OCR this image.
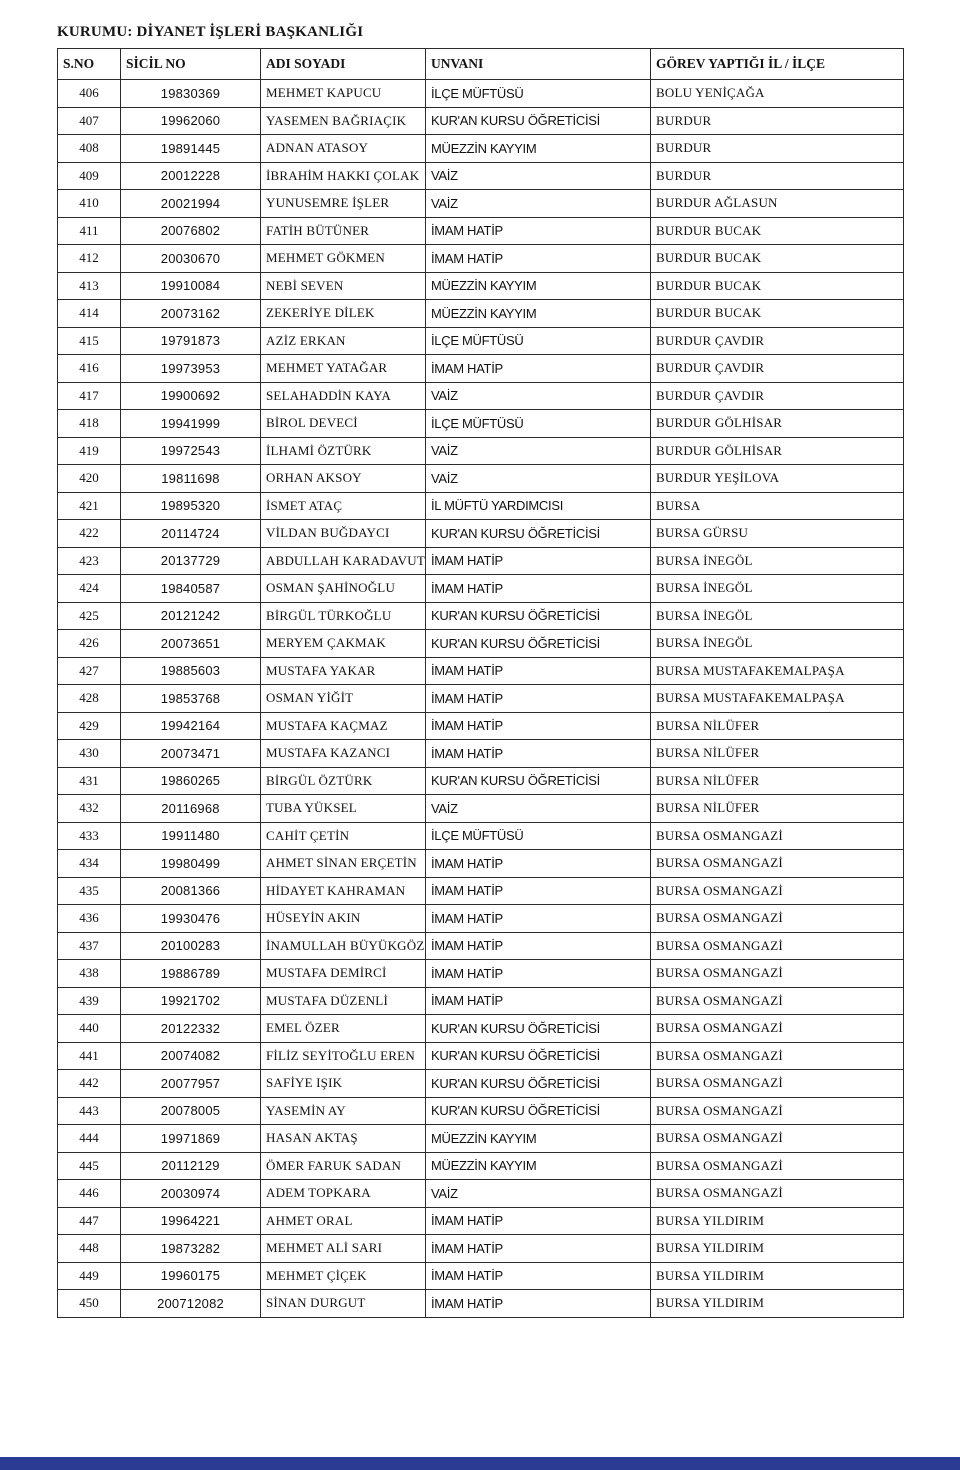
KURUMU: DİYANET İŞLERİ BAŞKANLIĞI
S.NO	SİCİL NO	ADI SOYADI	UNVANI	GÖREV YAPTIĞI İL / İLÇE
406	19830369	MEHMET KAPUCU	İLÇE MÜFTÜSÜ	BOLU YENİÇAĞA
407	19962060	YASEMEN BAĞRIAÇIK	KUR'AN KURSU ÖĞRETİCİSİ	BURDUR
408	19891445	ADNAN ATASOY	MÜEZZİN KAYYIM	BURDUR
409	20012228	İBRAHİM HAKKI ÇOLAK	VAİZ	BURDUR
410	20021994	YUNUSEMRE İŞLER	VAİZ	BURDUR AĞLASUN
411	20076802	FATİH BÜTÜNER	İMAM HATİP	BURDUR BUCAK
412	20030670	MEHMET GÖKMEN	İMAM HATİP	BURDUR BUCAK
413	19910084	NEBİ SEVEN	MÜEZZİN KAYYIM	BURDUR BUCAK
414	20073162	ZEKERİYE DİLEK	MÜEZZİN KAYYIM	BURDUR BUCAK
415	19791873	AZİZ ERKAN	İLÇE MÜFTÜSÜ	BURDUR ÇAVDIR
416	19973953	MEHMET YATAĞAR	İMAM HATİP	BURDUR ÇAVDIR
417	19900692	SELAHADDİN KAYA	VAİZ	BURDUR ÇAVDIR
418	19941999	BİROL DEVECİ	İLÇE MÜFTÜSÜ	BURDUR GÖLHİSAR
419	19972543	İLHAMİ ÖZTÜRK	VAİZ	BURDUR GÖLHİSAR
420	19811698	ORHAN AKSOY	VAİZ	BURDUR YEŞİLOVA
421	19895320	İSMET ATAÇ	İL MÜFTÜ YARDIMCISI	BURSA
422	20114724	VİLDAN BUĞDAYCI	KUR'AN KURSU ÖĞRETİCİSİ	BURSA GÜRSU
423	20137729	ABDULLAH KARADAVUT	İMAM HATİP	BURSA İNEGÖL
424	19840587	OSMAN ŞAHİNOĞLU	İMAM HATİP	BURSA İNEGÖL
425	20121242	BİRGÜL TÜRKOĞLU	KUR'AN KURSU ÖĞRETİCİSİ	BURSA İNEGÖL
426	20073651	MERYEM ÇAKMAK	KUR'AN KURSU ÖĞRETİCİSİ	BURSA İNEGÖL
427	19885603	MUSTAFA YAKAR	İMAM HATİP	BURSA MUSTAFAKEMALPAŞA
428	19853768	OSMAN YİĞİT	İMAM HATİP	BURSA MUSTAFAKEMALPAŞA
429	19942164	MUSTAFA KAÇMAZ	İMAM HATİP	BURSA NİLÜFER
430	20073471	MUSTAFA KAZANCI	İMAM HATİP	BURSA NİLÜFER
431	19860265	BİRGÜL ÖZTÜRK	KUR'AN KURSU ÖĞRETİCİSİ	BURSA NİLÜFER
432	20116968	TUBA YÜKSEL	VAİZ	BURSA NİLÜFER
433	19911480	CAHİT ÇETİN	İLÇE MÜFTÜSÜ	BURSA OSMANGAZİ
434	19980499	AHMET SİNAN ERÇETİN	İMAM HATİP	BURSA OSMANGAZİ
435	20081366	HİDAYET KAHRAMAN	İMAM HATİP	BURSA OSMANGAZİ
436	19930476	HÜSEYİN AKIN	İMAM HATİP	BURSA OSMANGAZİ
437	20100283	İNAMULLAH BÜYÜKGÖZ	İMAM HATİP	BURSA OSMANGAZİ
438	19886789	MUSTAFA DEMİRCİ	İMAM HATİP	BURSA OSMANGAZİ
439	19921702	MUSTAFA DÜZENLİ	İMAM HATİP	BURSA OSMANGAZİ
440	20122332	EMEL ÖZER	KUR'AN KURSU ÖĞRETİCİSİ	BURSA OSMANGAZİ
441	20074082	FİLİZ SEYİTOĞLU EREN	KUR'AN KURSU ÖĞRETİCİSİ	BURSA OSMANGAZİ
442	20077957	SAFİYE IŞIK	KUR'AN KURSU ÖĞRETİCİSİ	BURSA OSMANGAZİ
443	20078005	YASEMİN AY	KUR'AN KURSU ÖĞRETİCİSİ	BURSA OSMANGAZİ
444	19971869	HASAN AKTAŞ	MÜEZZİN KAYYIM	BURSA OSMANGAZİ
445	20112129	ÖMER FARUK SADAN	MÜEZZİN KAYYIM	BURSA OSMANGAZİ
446	20030974	ADEM TOPKARA	VAİZ	BURSA OSMANGAZİ
447	19964221	AHMET ORAL	İMAM HATİP	BURSA YILDIRIM
448	19873282	MEHMET ALİ SARI	İMAM HATİP	BURSA YILDIRIM
449	19960175	MEHMET ÇİÇEK	İMAM HATİP	BURSA YILDIRIM
450	200712082	SİNAN DURGUT	İMAM HATİP	BURSA YILDIRIM
